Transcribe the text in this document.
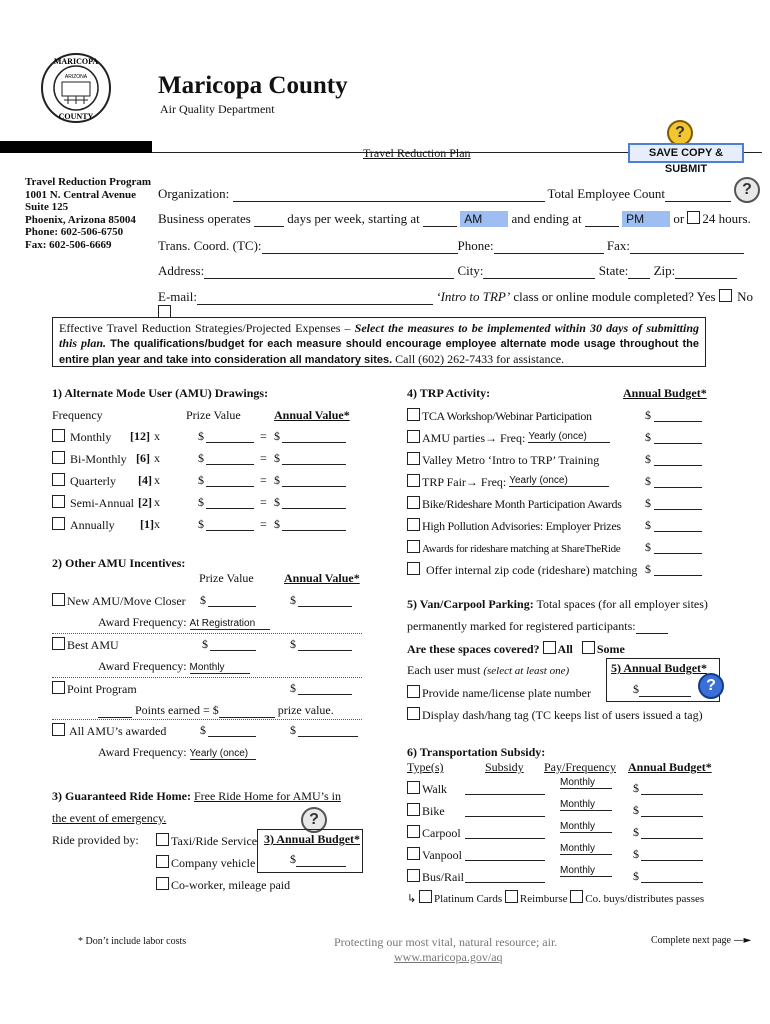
MARICOPA
COUNTY
ARIZONA	Maricopa County
Air Quality Department
?
Travel Reduction Plan	SAVE COPY & SUBMIT
Travel Reduction Program
1001 N. Central Avenue
Suite 125
Phoenix, Arizona 85004
Phone: 602-506-6750
Fax: 602-506-6669
Organization:	Total Employee Count	?
Business operates	days per week, starting at	AM and ending at	PM or 24 hours.
Trans. Coord. (TC):	Phone:	Fax:
Address:	City:	State: Zip:
E-mail:	‘Intro to TRP’ class or online module completed? Yes No
Effective Travel Reduction Strategies/Projected Expenses – Select the measures to be implemented within 30 days of submitting this plan. The qualifications/budget for each measure should encourage employee alternate mode usage throughout the entire plan year and take into consideration all mandatory sites. Call (602) 262-7433 for assistance.
1) Alternate Mode User (AMU) Drawings:
Frequency	Prize Value	Annual Value*
Monthly [12] x	$	= $
Bi-Monthly [6] x	$	= $
Quarterly [4] x	$	= $
Semi-Annual [2] x	$	= $
Annually [1] x	$	= $
2) Other AMU Incentives:
Prize Value	Annual Value*
New AMU/Move Closer $	$
Award Frequency: At Registration
Best AMU	$	$
Award Frequency: Monthly
Point Program	$
Points earned = $	prize value.
All AMU’s awarded	$	$
Award Frequency: Yearly (once)
3) Guaranteed Ride Home: Free Ride Home for AMU’s in
the event of emergency.	?
Ride provided by:	Taxi/Ride Service
Company vehicle
Co-worker, mileage paid
3) Annual Budget*
$
4) TRP Activity:	Annual Budget*
TCA Workshop/Webinar Participation	$
AMU parties→ Freq: Yearly (once)	$
Valley Metro ‘Intro to TRP’ Training	$
TRP Fair→ Freq: Yearly (once)	$
Bike/Rideshare Month Participation Awards $
High Pollution Advisories: Employer Prizes $
Awards for rideshare matching at ShareTheRide $
Offer internal zip code (rideshare) matching $
5) Van/Carpool Parking: Total spaces (for all employer sites)
permanently marked for registered participants:
Are these spaces covered? All Some
Each user must (select at least one)
Provide name/license plate number
Display dash/hang tag (TC keeps list of users issued a tag)
5) Annual Budget*
$	?
6) Transportation Subsidy:
Type(s)	Subsidy Pay/Frequency Annual Budget*
Walk	Monthly	$
Bike	Monthly	$
Carpool	Monthly	$
Vanpool	Monthly	$
Bus/Rail	Monthly	$
↳ Platinum Cards Reimburse Co. buys/distributes passes
* Don’t include labor costs	Protecting our most vital, natural resource; air.
www.maricopa.gov/aq
Complete next page —►
